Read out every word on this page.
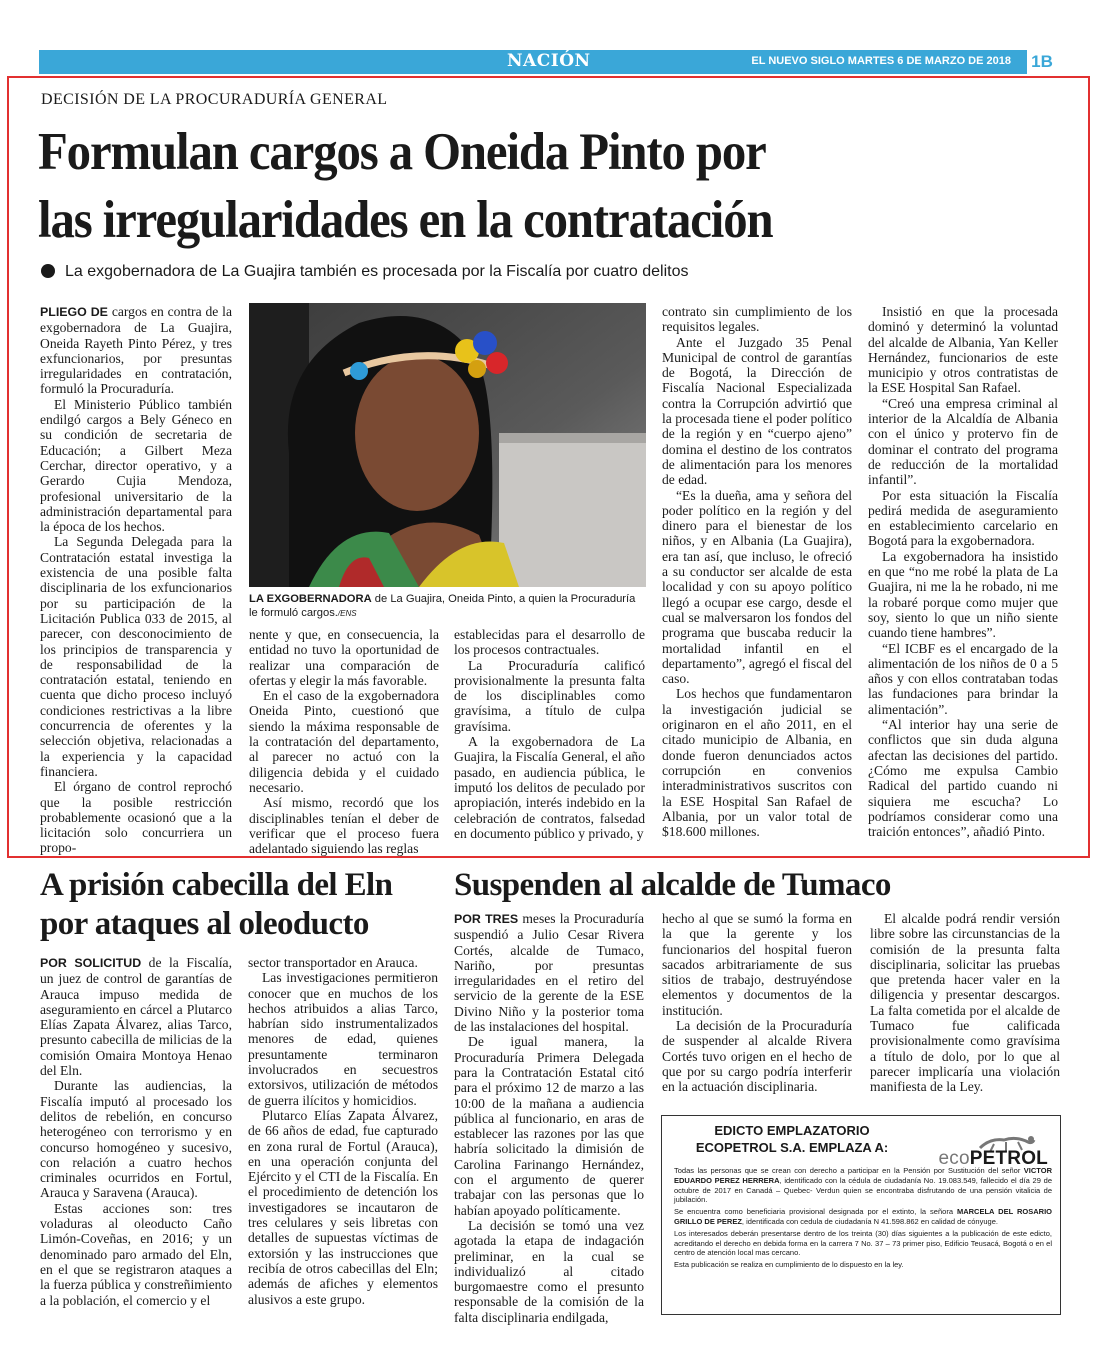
NACIÓN	EL NUEVO SIGLO MARTES 6 DE MARZO DE 2018 1B
DECISIÓN DE LA PROCURADURÍA GENERAL
Formulan cargos a Oneida Pinto por
las irregularidades en la contratación
La exgobernadora de La Guajira también es procesada por la Fiscalía por cuatro delitos

PLIEGO DE cargos en contra de la exgobernadora de La Guajira, Oneida Rayeth Pinto Pérez, y tres exfuncionarios, por presuntas irregularidades en contratación, formuló la Procuraduría.

El Ministerio Público también endilgó cargos a Bely Géneco en su condición de secretaria de Educación; a Gilbert Meza Cerchar, director operativo, y a Gerardo Cujia Mendoza, profesional universitario de la administración departamental para la época de los hechos.

La Segunda Delegada para la Contratación estatal investiga la existencia de una posible falta disciplinaria de los exfuncionarios por su participación de la Licitación Publica 033 de 2015, al parecer, con desconocimiento de los principios de transparencia y de responsabilidad de la contratación estatal, teniendo en cuenta que dicho proceso incluyó condiciones restrictivas a la libre concurrencia de oferentes y la selección objetiva, relacionadas a la experiencia y la capacidad financiera.

El órgano de control reprochó que la posible restricción probablemente ocasionó que a la licitación solo concurriera un propo-

LA EXGOBERNADORA de La Guajira, Oneida Pinto, a quien la Procuraduría le formuló cargos./ENS

nente y que, en consecuencia, la entidad no tuvo la oportunidad de realizar una comparación de ofertas y elegir la más favorable.

En el caso de la exgobernadora Oneida Pinto, cuestionó que siendo la máxima responsable de la contratación del departamento, al parecer no actuó con la diligencia debida y el cuidado necesario.

Así mismo, recordó que los disciplinables tenían el deber de verificar que el proceso fuera adelantado siguiendo las reglas

establecidas para el desarrollo de los procesos contractuales.

La Procuraduría calificó provisionalmente la presunta falta de los disciplinables como gravísima, a título de culpa gravísima.

A la exgobernadora de La Guajira, la Fiscalía General, el año pasado, en audiencia pública, le imputó los delitos de peculado por apropiación, interés indebido en la celebración de contratos, falsedad en documento público y privado, y

contrato sin cumplimiento de los requisitos legales.

Ante el Juzgado 35 Penal Municipal de control de garantías de Bogotá, la Dirección de Fiscalía Nacional Especializada contra la Corrupción advirtió que la procesada tiene el poder político de la región y en “cuerpo ajeno” domina el destino de los contratos de alimentación para los menores de edad.

“Es la dueña, ama y señora del poder político en la región y del dinero para el bienestar de los niños, y en Albania (La Guajira), era tan así, que incluso, le ofreció a su conductor ser alcalde de esta localidad y con su apoyo político llegó a ocupar ese cargo, desde el cual se malversaron los fondos del programa que buscaba reducir la mortalidad infantil en el departamento”, agregó el fiscal del caso.

Los hechos que fundamentaron la investigación judicial se originaron en el año 2011, en el citado municipio de Albania, en donde fueron denunciados actos corrupción en convenios interadministrativos suscritos con la ESE Hospital San Rafael de Albania, por un valor total de $18.600 millones.

Insistió en que la procesada dominó y determinó la voluntad del alcalde de Albania, Yan Keller Hernández, funcionarios de este municipio y otros contratistas de la ESE Hospital San Rafael.

“Creó una empresa criminal al interior de la Alcaldía de Albania con el único y protervo fin de dominar el contrato del programa de reducción de la mortalidad infantil”.

Por esta situación la Fiscalía pedirá medida de aseguramiento en establecimiento carcelario en Bogotá para la exgobernadora.

La exgobernadora ha insistido en que “no me robé la plata de La Guajira, ni me la he robado, ni me la robaré porque como mujer que soy, siento lo que un niño siente cuando tiene hambres”.

“El ICBF es el encargado de la alimentación de los niños de 0 a 5 años y con ellos contrataban todas las fundaciones para brindar la alimentación”.

“Al interior hay una serie de conflictos que sin duda alguna afectan las decisiones del partido. ¿Cómo me expulsa Cambio Radical del partido cuando ni siquiera me escucha? Lo podríamos considerar como una traición entonces”, añadió Pinto.

A prisión cabecilla del Eln
por ataques al oleoducto

POR SOLICITUD de la Fiscalía, un juez de control de garantías de Arauca impuso medida de aseguramiento en cárcel a Plutarco Elías Zapata Álvarez, alias Tarco, presunto cabecilla de milicias de la comisión Omaira Montoya Henao del Eln.

Durante las audiencias, la Fiscalía imputó al procesado los delitos de rebelión, en concurso heterogéneo con terrorismo y en concurso homogéneo y sucesivo, con relación a cuatro hechos criminales ocurridos en Fortul, Arauca y Saravena (Arauca).

Estas acciones son: tres voladuras al oleoducto Caño Limón-Coveñas, en 2016; y un denominado paro armado del Eln, en el que se registraron ataques a la fuerza pública y constreñimiento a la población, el comercio y el

sector transportador en Arauca.

Las investigaciones permitieron conocer que en muchos de los hechos atribuidos a alias Tarco, habrían sido instrumentalizados menores de edad, quienes presuntamente terminaron involucrados en secuestros extorsivos, utilización de métodos de guerra ilícitos y homicidios.

Plutarco Elías Zapata Álvarez, de 66 años de edad, fue capturado en zona rural de Fortul (Arauca), en una operación conjunta del Ejército y el CTI de la Fiscalía. En el procedimiento de detención los investigadores se incautaron de tres celulares y seis libretas con detalles de supuestas víctimas de extorsión y las instrucciones que recibía de otros cabecillas del Eln; además de afiches y elementos alusivos a este grupo.

Suspenden al alcalde de Tumaco

POR TRES meses la Procuraduría suspendió a Julio Cesar Rivera Cortés, alcalde de Tumaco, Nariño, por presuntas irregularidades en el retiro del servicio de la gerente de la ESE Divino Niño y la posterior toma de las instalaciones del hospital.

De igual manera, la Procuraduría Primera Delegada para la Contratación Estatal citó para el próximo 12 de marzo a las 10:00 de la mañana a audiencia pública al funcionario, en aras de establecer las razones por las que habría solicitado la dimisión de Carolina Farinango Hernández, con el argumento de querer trabajar con las personas que lo habían apoyado políticamente.

La decisión se tomó una vez agotada la etapa de indagación preliminar, en la cual se individualizó al citado burgomaestre como el presunto responsable de la comisión de la falta disciplinaria endilgada,

hecho al que se sumó la forma en la que la gerente y los funcionarios del hospital fueron sacados arbitrariamente de sus sitios de trabajo, destruyéndose elementos y documentos de la institución.

La decisión de la Procuraduría de suspender al alcalde Rivera Cortés tuvo origen en el hecho de que por su cargo podría interferir en la actuación disciplinaria.

El alcalde podrá rendir versión libre sobre las circunstancias de la comisión de la presunta falta disciplinaria, solicitar las pruebas que pretenda hacer valer en la diligencia y presentar descargos. La falta cometida por el alcalde de Tumaco fue calificada provisionalmente como gravísima a título de dolo, por lo que al parecer implicaría una violación manifiesta de la Ley.

EDICTO EMPLAZATORIO
ECOPETROL S.A. EMPLAZA A:
ecoPETROL

Todas las personas que se crean con derecho a participar en la Pensión por Sustitución del señor VICTOR EDUARDO PEREZ HERRERA, identificado con la cédula de ciudadanía No. 19.083.549, fallecido el día 29 de octubre de 2017 en Canadá – Quebec- Verdun quien se encontraba disfrutando de una pensión vitalicia de jubilación.

Se encuentra como beneficiaria provisional designada por el extinto, la señora MARCELA DEL ROSARIO GRILLO DE PEREZ, identificada con cedula de ciudadanía N 41.598.862 en calidad de cónyuge.

Los interesados deberán presentarse dentro de los treinta (30) días siguientes a la publicación de este edicto, acreditando el derecho en debida forma en la carrera 7 No. 37 – 73 primer piso, Edificio Teusacá, Bogotá o en el centro de atención local mas cercano.

Esta publicación se realiza en cumplimiento de lo dispuesto en la ley.
